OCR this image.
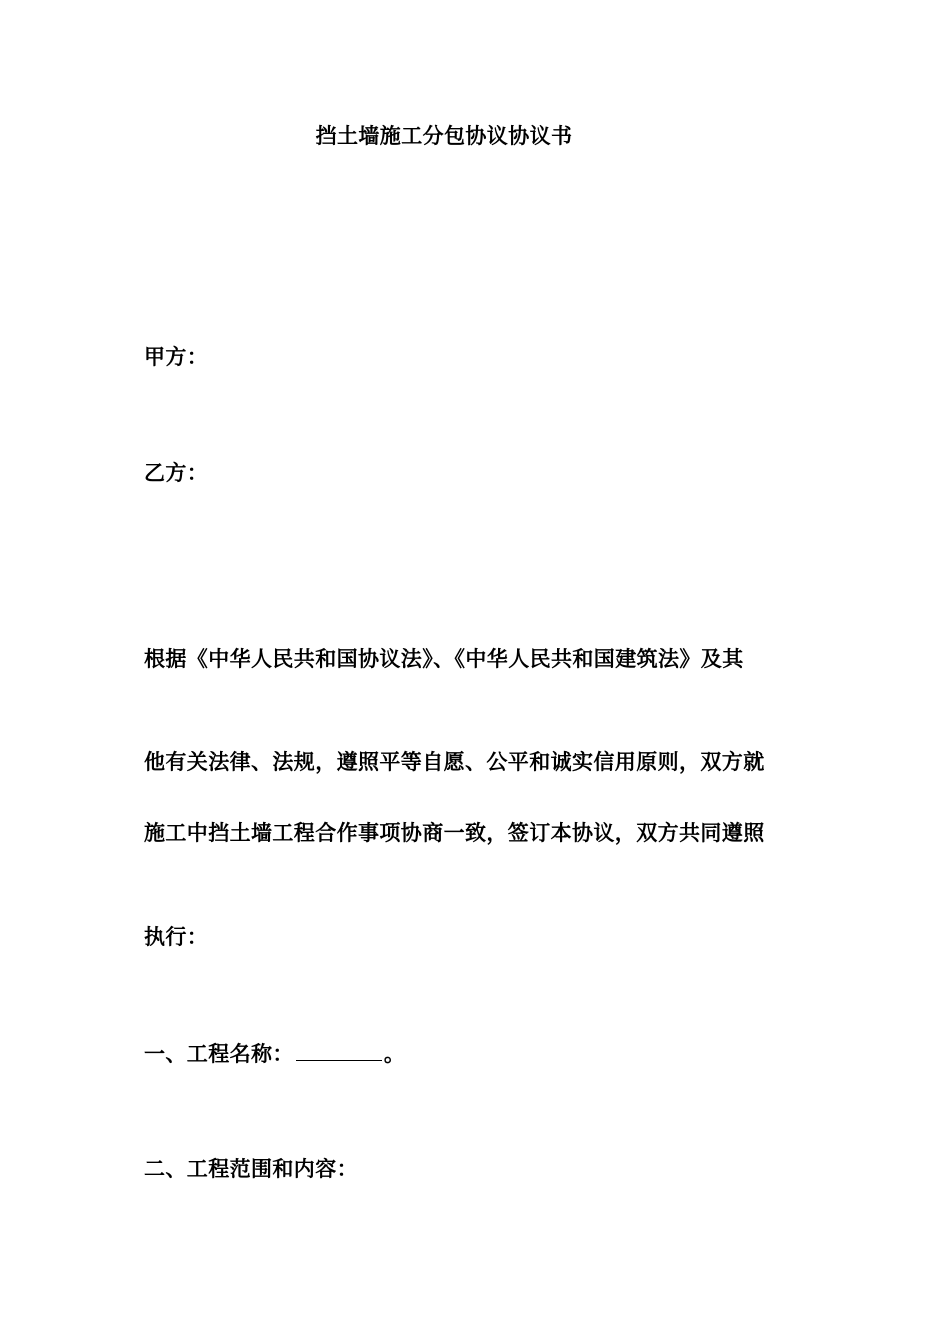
挡土墙施工分包协议协议书
甲方：
乙方：
根据《中华人民共和国协议法》、《中华人民共和国建筑法》及其
他有关法律、法规，遵照平等自愿、公平和诚实信用原则，双方就
施工中挡土墙工程合作事项协商一致，签订本协议，双方共同遵照
执行：
一、工程名称：	。
二、工程范围和内容：
